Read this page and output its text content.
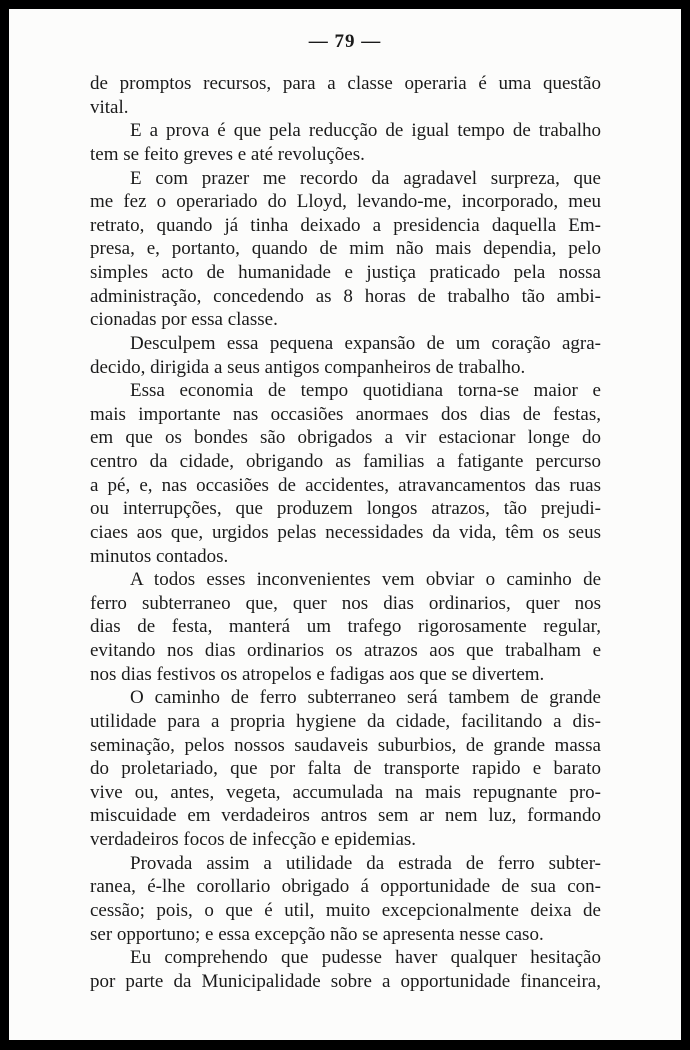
— 79 —
de promptos recursos, para a classe operaria é uma questão
vital.
E a prova é que pela reducção de igual tempo de trabalho
tem se feito greves e até revoluções.
E com prazer me recordo da agradavel surpreza, que
me fez o operariado do Lloyd, levando-me, incorporado, meu
retrato, quando já tinha deixado a presidencia daquella Em-
presa, e, portanto, quando de mim não mais dependia, pelo
simples acto de humanidade e justiça praticado pela nossa
administração, concedendo as 8 horas de trabalho tão ambi-
cionadas por essa classe.
Desculpem essa pequena expansão de um coração agra-
decido, dirigida a seus antigos companheiros de trabalho.
Essa economia de tempo quotidiana torna-se maior e
mais importante nas occasiões anormaes dos dias de festas,
em que os bondes são obrigados a vir estacionar longe do
centro da cidade, obrigando as familias a fatigante percurso
a pé, e, nas occasiões de accidentes, atravancamentos das ruas
ou interrupções, que produzem longos atrazos, tão prejudi-
ciaes aos que, urgidos pelas necessidades da vida, têm os seus
minutos contados.
A todos esses inconvenientes vem obviar o caminho de
ferro subterraneo que, quer nos dias ordinarios, quer nos
dias de festa, manterá um trafego rigorosamente regular,
evitando nos dias ordinarios os atrazos aos que trabalham e
nos dias festivos os atropelos e fadigas aos que se divertem.
O caminho de ferro subterraneo será tambem de grande
utilidade para a propria hygiene da cidade, facilitando a dis-
seminação, pelos nossos saudaveis suburbios, de grande massa
do proletariado, que por falta de transporte rapido e barato
vive ou, antes, vegeta, accumulada na mais repugnante pro-
miscuidade em verdadeiros antros sem ar nem luz, formando
verdadeiros focos de infecção e epidemias.
Provada assim a utilidade da estrada de ferro subter-
ranea, é-lhe corollario obrigado á opportunidade de sua con-
cessão; pois, o que é util, muito excepcionalmente deixa de
ser opportuno; e essa excepção não se apresenta nesse caso.
Eu comprehendo que pudesse haver qualquer hesitação
por parte da Municipalidade sobre a opportunidade financeira,
